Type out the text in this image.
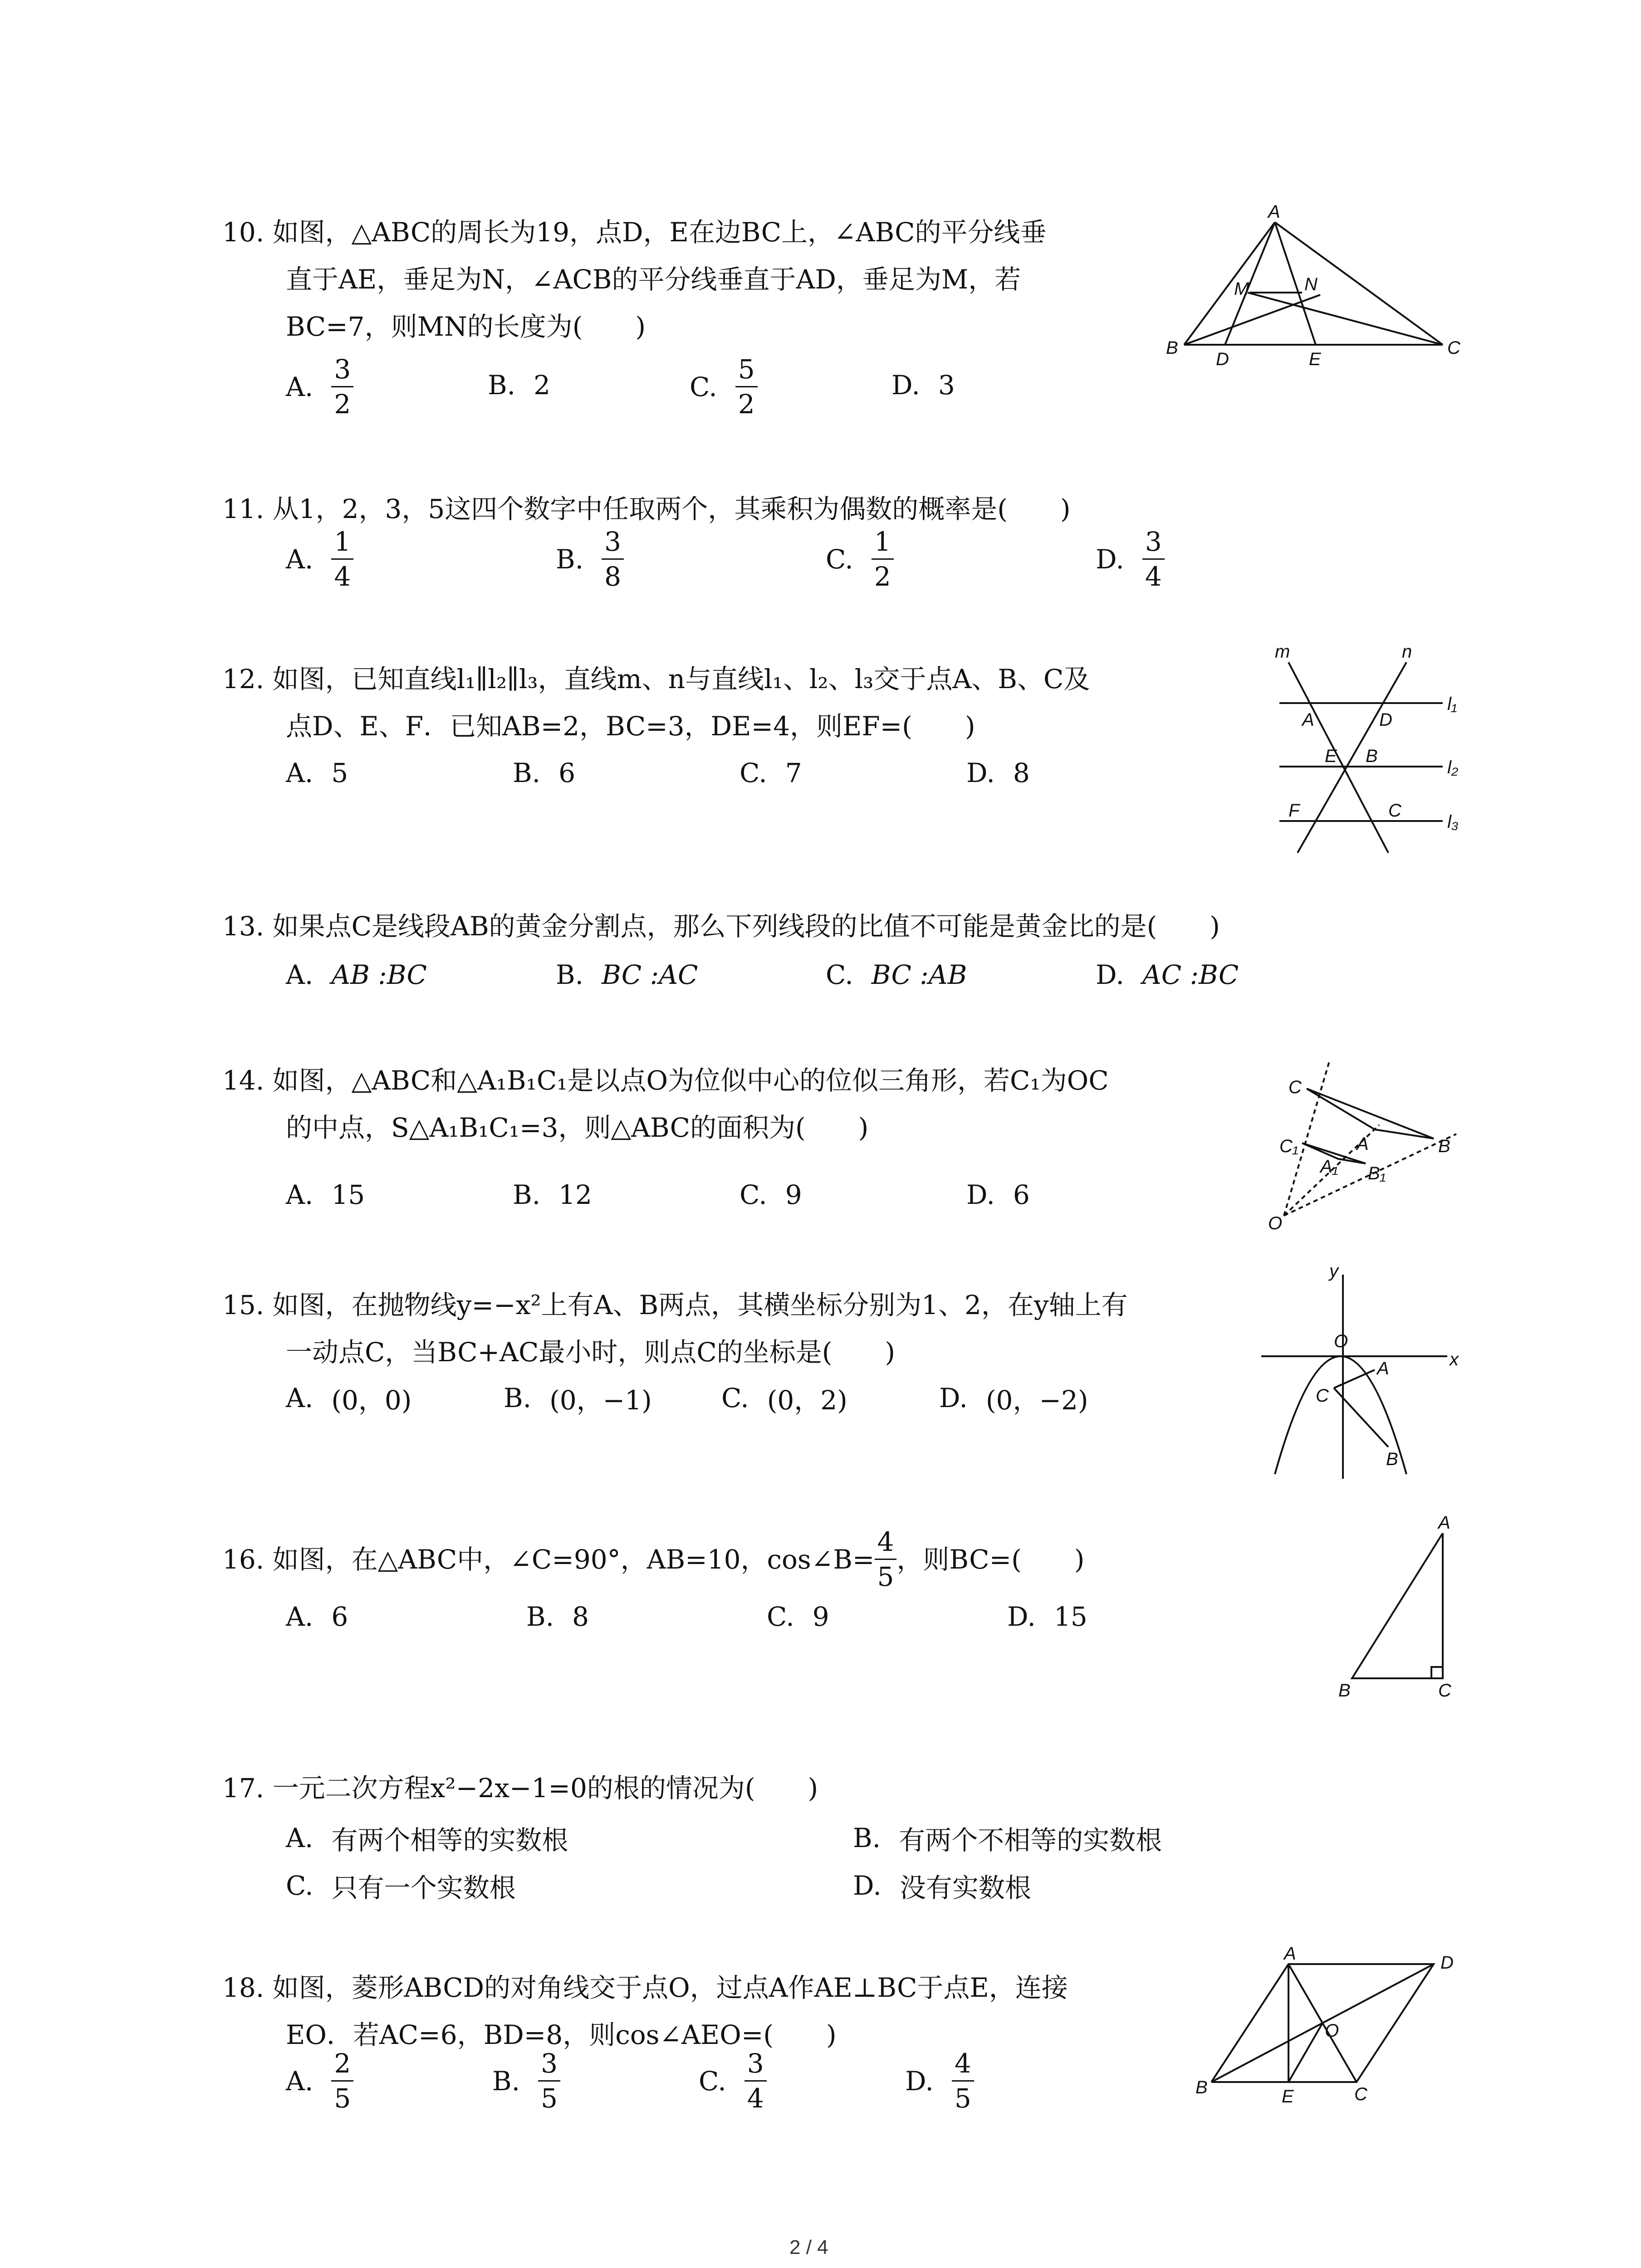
10. 如图，△ABC的周长为19，点D，E在边BC上，∠ABC的平分线垂
直于AE，垂足为N，∠ACB的平分线垂直于AD，垂足为M，若
BC=7，则MN的长度为(　　)
A. $\frac{3}{2}$	B. 2	C. $\frac{5}{2}$	D. 3
A
B	C
D	E
M	N
11. 从1，2，3，5这四个数字中任取两个，其乘积为偶数的概率是(　　)
A. $\frac{1}{4}$	B. $\frac{3}{8}$	C. $\frac{1}{2}$	D. $\frac{3}{4}$
12. 如图，已知直线l₁∥l₂∥l₃，直线m、n与直线l₁、l₂、l₃交于点A、B、C及
点D、E、F．已知AB=2，BC=3，DE=4，则EF=(　　)
A. 5	B. 6	C. 7	D. 8
m	n
l₁
l₂
l₃
A	D
E B
F	C
13. 如果点C是线段AB的黄金分割点，那么下列线段的比值不可能是黄金比的是(　　)
A. AB :BC	B. BC :AC	C. BC :AB	D. AC :BC
14. 如图，△ABC和△A₁B₁C₁是以点O为位似中心的位似三角形，若C₁为OC
的中点，S△A₁B₁C₁=3，则△ABC的面积为(　　)
A. 15	B. 12	C. 9	D. 6
C
C₁	A
A₁
B
B₁
O
15. 如图，在抛物线y=−x²上有A、B两点，其横坐标分别为1、2，在y轴上有
一动点C，当BC+AC最小时，则点C的坐标是(　　)
A. (0，0)	B. (0，−1)	C. (0，2)	D. (0，−2)
y
x
O
A
C
B
16. 如图，在△ABC中，∠C=90°，AB=10，cos∠B= $\frac{4}{5}$ ，则BC=(　　)
A. 6	B. 8	C. 9	D. 15
A
B	C
17. 一元二次方程x²−2x−1=0的根的情况为(　　)
A. 有两个相等的实数根	B. 有两个不相等的实数根
C. 只有一个实数根	D. 没有实数根
18. 如图，菱形ABCD的对角线交于点O，过点A作AE⊥BC于点E，连接
EO．若AC=6，BD=8，则cos∠AEO=(　　)
A. $\frac{2}{5}$	B. $\frac{3}{5}$	C. $\frac{3}{4}$	D. $\frac{4}{5}$
A	D
O
B	E	C
2 / 4
